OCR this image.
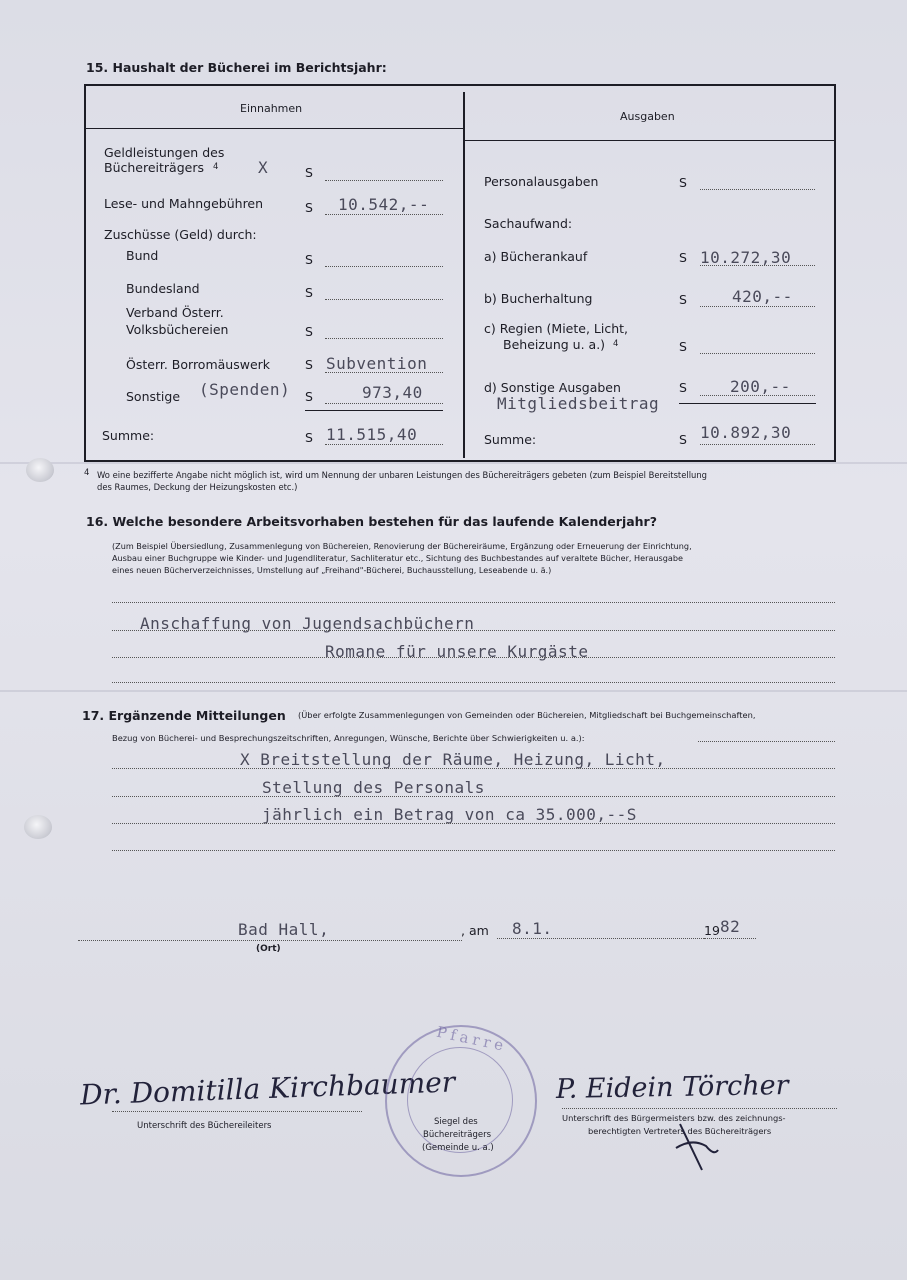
15. Haushalt der Bücherei im Berichtsjahr:
Einnahmen
Ausgaben
Geldleistungen des
Büchereiträgers 4 X	S
Lese- und Mahngebühren	S 10.542,--
Zuschüsse (Geld) durch:
Bund	S
Bundesland	S
Verband Österr.
Volksbüchereien	S
Österr. Borromäuswerk	S Subvention
Sonstige (Spenden) S	973,40
Summe:	S 11.515,40
Personalausgaben	S
Sachaufwand:
a) Bücherankauf	S 10.272,30
b) Bucherhaltung	S	420,--
c) Regien (Miete, Licht,
Beheizung u. a.) 4	S
d) Sonstige Ausgaben	S	200,--
Mitgliedsbeitrag
Summe:	S 10.892,30
4 Wo eine bezifferte Angabe nicht möglich ist, wird um Nennung der unbaren Leistungen des Büchereiträgers gebeten (zum Beispiel Bereitstellung
des Raumes, Deckung der Heizungskosten etc.)
16. Welche besondere Arbeitsvorhaben bestehen für das laufende Kalenderjahr?
(Zum Beispiel Übersiedlung, Zusammenlegung von Büchereien, Renovierung der Büchereiräume, Ergänzung oder Erneuerung der Einrichtung,
Ausbau einer Buchgruppe wie Kinder- und Jugendliteratur, Sachliteratur etc., Sichtung des Buchbestandes auf veraltete Bücher, Herausgabe
eines neuen Bücherverzeichnisses, Umstellung auf „Freihand"-Bücherei, Buchausstellung, Leseabende u. ä.)
Anschaffung von Jugendsachbüchern
Romane für unsere Kurgäste
17. Ergänzende Mitteilungen (Über erfolgte Zusammenlegungen von Gemeinden oder Büchereien, Mitgliedschaft bei Buchgemeinschaften,
Bezug von Bücherei- und Besprechungszeitschriften, Anregungen, Wünsche, Berichte über Schwierigkeiten u. a.):
X Breitstellung der Räume, Heizung, Licht,
Stellung des Personals
jährlich ein Betrag von ca 35.000,--S
Bad Hall,
(Ort)
, am 8.1.	19 82
Dr. Domitilla Kirchbaumer
Unterschrift des Büchereileiters
Pfarre
Siegel des
Büchereiträgers
(Gemeinde u. a.)
P. Eidein Törcher
Unterschrift des Bürgermeisters bzw. des zeichnungs-
berechtigten Vertreters des Büchereiträgers
